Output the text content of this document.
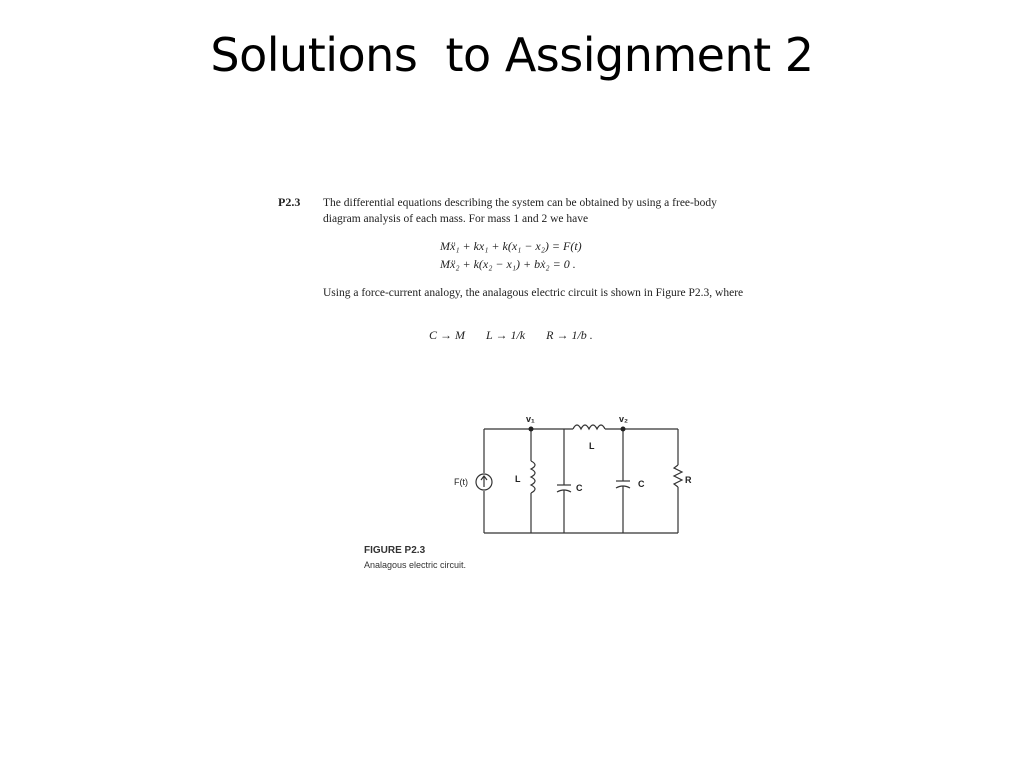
Solutions  to Assignment 2
P2.3 The differential equations describing the system can be obtained by using a free-body diagram analysis of each mass. For mass 1 and 2 we have
Mẍ₁ + kx₁ + k(x₁ − x₂) = F(t)
Mẍ₂ + k(x₂ − x₁) + bẋ₂ = 0 .
Using a force-current analogy, the analagous electric circuit is shown in Figure P2.3, where
C → M       L → 1/k       R → 1/b .
v₁	v₂
L
F(t)	L
C	C	R
FIGURE P2.3
Analagous electric circuit.
